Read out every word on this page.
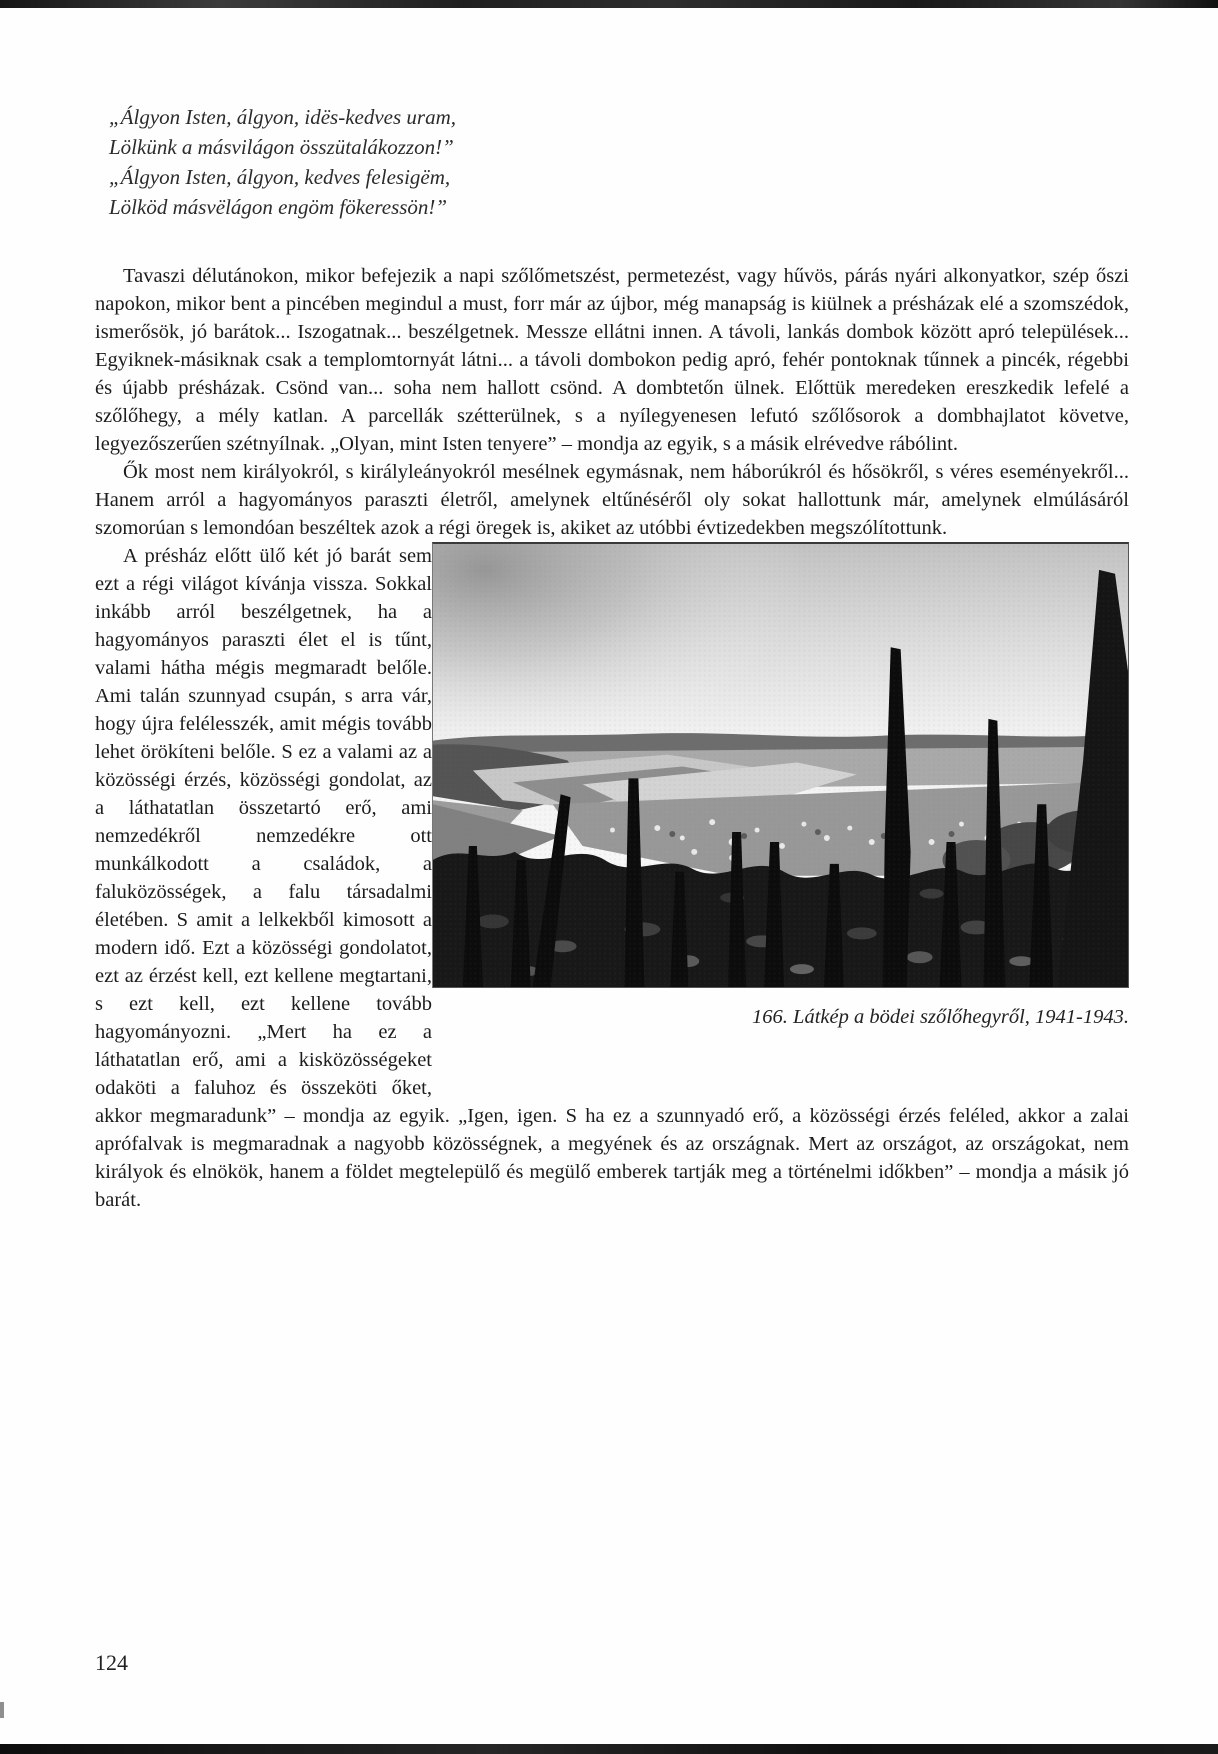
„Álgyon Isten, álgyon, idës-kedves uram,
Lölkünk a másvilágon összütalákozzon!”
„Álgyon Isten, álgyon, kedves felesigëm,
Lölköd másvëlágon engöm fökeressön!”
Tavaszi délutánokon, mikor befejezik a napi szőlőmetszést, permetezést, vagy hűvös, párás nyári alkonyatkor, szép őszi napokon, mikor bent a pincében megindul a must, forr már az újbor, még manapság is kiülnek a présházak elé a szomszédok, ismerősök, jó barátok... Iszogatnak... beszélgetnek. Messze ellátni innen. A távoli, lankás dombok között apró települések... Egyiknek-másiknak csak a templomtornyát látni... a távoli dombokon pedig apró, fehér pontoknak tűnnek a pincék, régebbi és újabb présházak. Csönd van... soha nem hallott csönd. A dombtetőn ülnek. Előttük meredeken ereszkedik lefelé a szőlőhegy, a mély katlan. A parcellák szétterülnek, s a nyílegyenesen lefutó szőlősorok a dombhajlatot követve, legyezőszerűen szétnyílnak. „Olyan, mint Isten tenyere” – mondja az egyik, s a másik elrévedve rábólint.
Ők most nem királyokról, s királyleányokról mesélnek egymásnak, nem háborúkról és hősökről, s véres eseményekről... Hanem arról a hagyományos paraszti életről, amelynek eltűnéséről oly sokat hallottunk már, amelynek elmúlásáról szomorúan s lemondóan beszéltek azok a régi öregek is, akiket az utóbbi évtizedekben megszólítottunk.
166. Látkép a bödei szőlőhegyről, 1941-1943.
A présház előtt ülő két jó barát sem ezt a régi világot kívánja vissza. Sokkal inkább arról beszélgetnek, ha a hagyományos paraszti élet el is tűnt, valami hátha mégis megmaradt belőle. Ami talán szunnyad csupán, s arra vár, hogy újra felélesszék, amit mégis tovább lehet örökíteni belőle. S ez a valami az a közösségi érzés, közösségi gondolat, az a láthatatlan összetartó erő, ami nemzedékről nemzedékre ott munkálkodott a családok, a faluközösségek, a falu társadalmi életében. S amit a lelkekből kimosott a modern idő. Ezt a közösségi gondolatot, ezt az érzést kell, ezt kellene megtartani, s ezt kell, ezt kellene tovább hagyományozni. „Mert ha ez a láthatatlan erő, ami a kisközösségeket odaköti a faluhoz és összeköti őket, akkor megmaradunk” – mondja az egyik. „Igen, igen. S ha ez a szunnyadó erő, a közösségi érzés feléled, akkor a zalai aprófalvak is megmaradnak a nagyobb közösségnek, a megyének és az országnak. Mert az országot, az országokat, nem királyok és elnökök, hanem a földet megtelepülő és megülő emberek tartják meg a történelmi időkben” – mondja a másik jó barát.
124
